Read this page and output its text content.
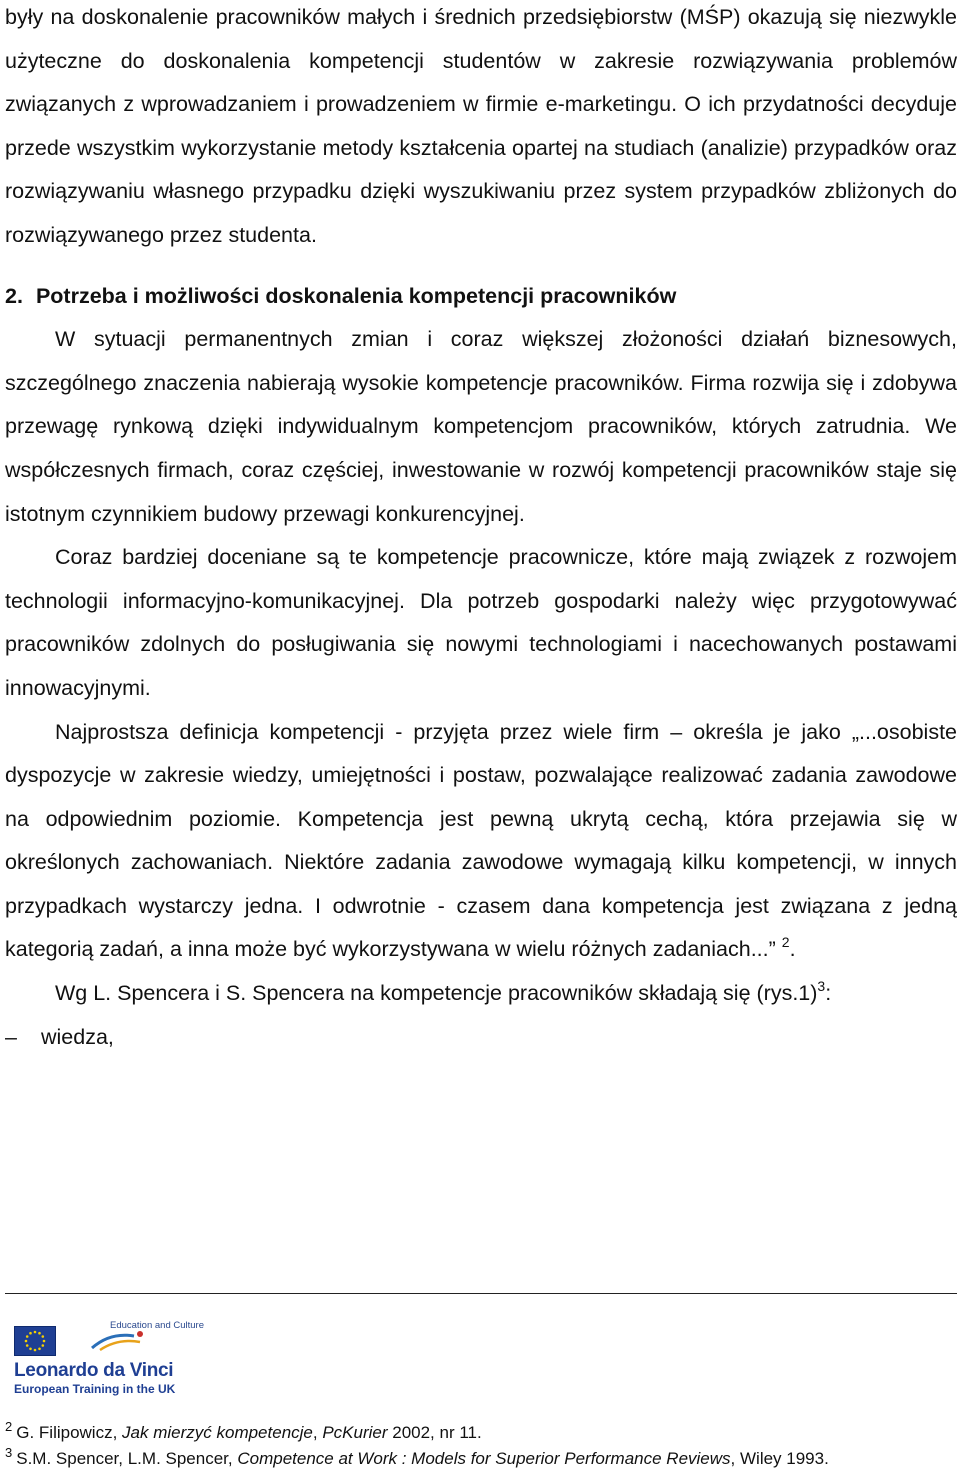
były na doskonalenie pracowników małych i średnich przedsiębiorstw (MŚP) okazują się niezwykle użyteczne do doskonalenia kompetencji studentów w zakresie rozwiązywania problemów związanych z wprowadzaniem i prowadzeniem w firmie e-marketingu. O ich przydatności decyduje przede wszystkim wykorzystanie metody kształcenia opartej na studiach (analizie) przypadków oraz rozwiązywaniu własnego przypadku dzięki wyszukiwaniu przez system przypadków zbliżonych do rozwiązywanego przez studenta.

2. Potrzeba i możliwości doskonalenia kompetencji pracowników

W sytuacji permanentnych zmian i coraz większej złożoności działań biznesowych, szczególnego znaczenia nabierają wysokie kompetencje pracowników. Firma rozwija się i zdobywa przewagę rynkową dzięki indywidualnym kompetencjom pracowników, których zatrudnia. We współczesnych firmach, coraz częściej, inwestowanie w rozwój kompetencji pracowników staje się istotnym czynnikiem budowy przewagi konkurencyjnej.

Coraz bardziej doceniane są te kompetencje pracownicze, które mają związek z rozwojem technologii informacyjno-komunikacyjnej. Dla potrzeb gospodarki należy więc przygotowywać pracowników zdolnych do posługiwania się nowymi technologiami i nacechowanych postawami innowacyjnymi.

Najprostsza definicja kompetencji - przyjęta przez wiele firm – określa je jako „...osobiste dyspozycje w zakresie wiedzy, umiejętności i postaw, pozwalające realizować zadania zawodowe na odpowiednim poziomie. Kompetencja jest pewną ukrytą cechą, która przejawia się w określonych zachowaniach. Niektóre zadania zawodowe wymagają kilku kompetencji, w innych przypadkach wystarczy jedna. I odwrotnie - czasem dana kompetencja jest związana z jedną kategorią zadań, a inna może być wykorzystywana w wielu różnych zadaniach...” $^2$.

Wg L. Spencera i S. Spencera na kompetencje pracowników składają się $(rys.1)^3$:

–	wiedza,
Education and Culture
Leonardo da Vinci
European Training in the UK
$^2$ G. Filipowicz, Jak mierzyć kompetencje, PcKurier 2002, nr 11.
$^3$ S.M. Spencer, L.M. Spencer, Competence at Work : Models for Superior Performance Reviews, Wiley 1993.
